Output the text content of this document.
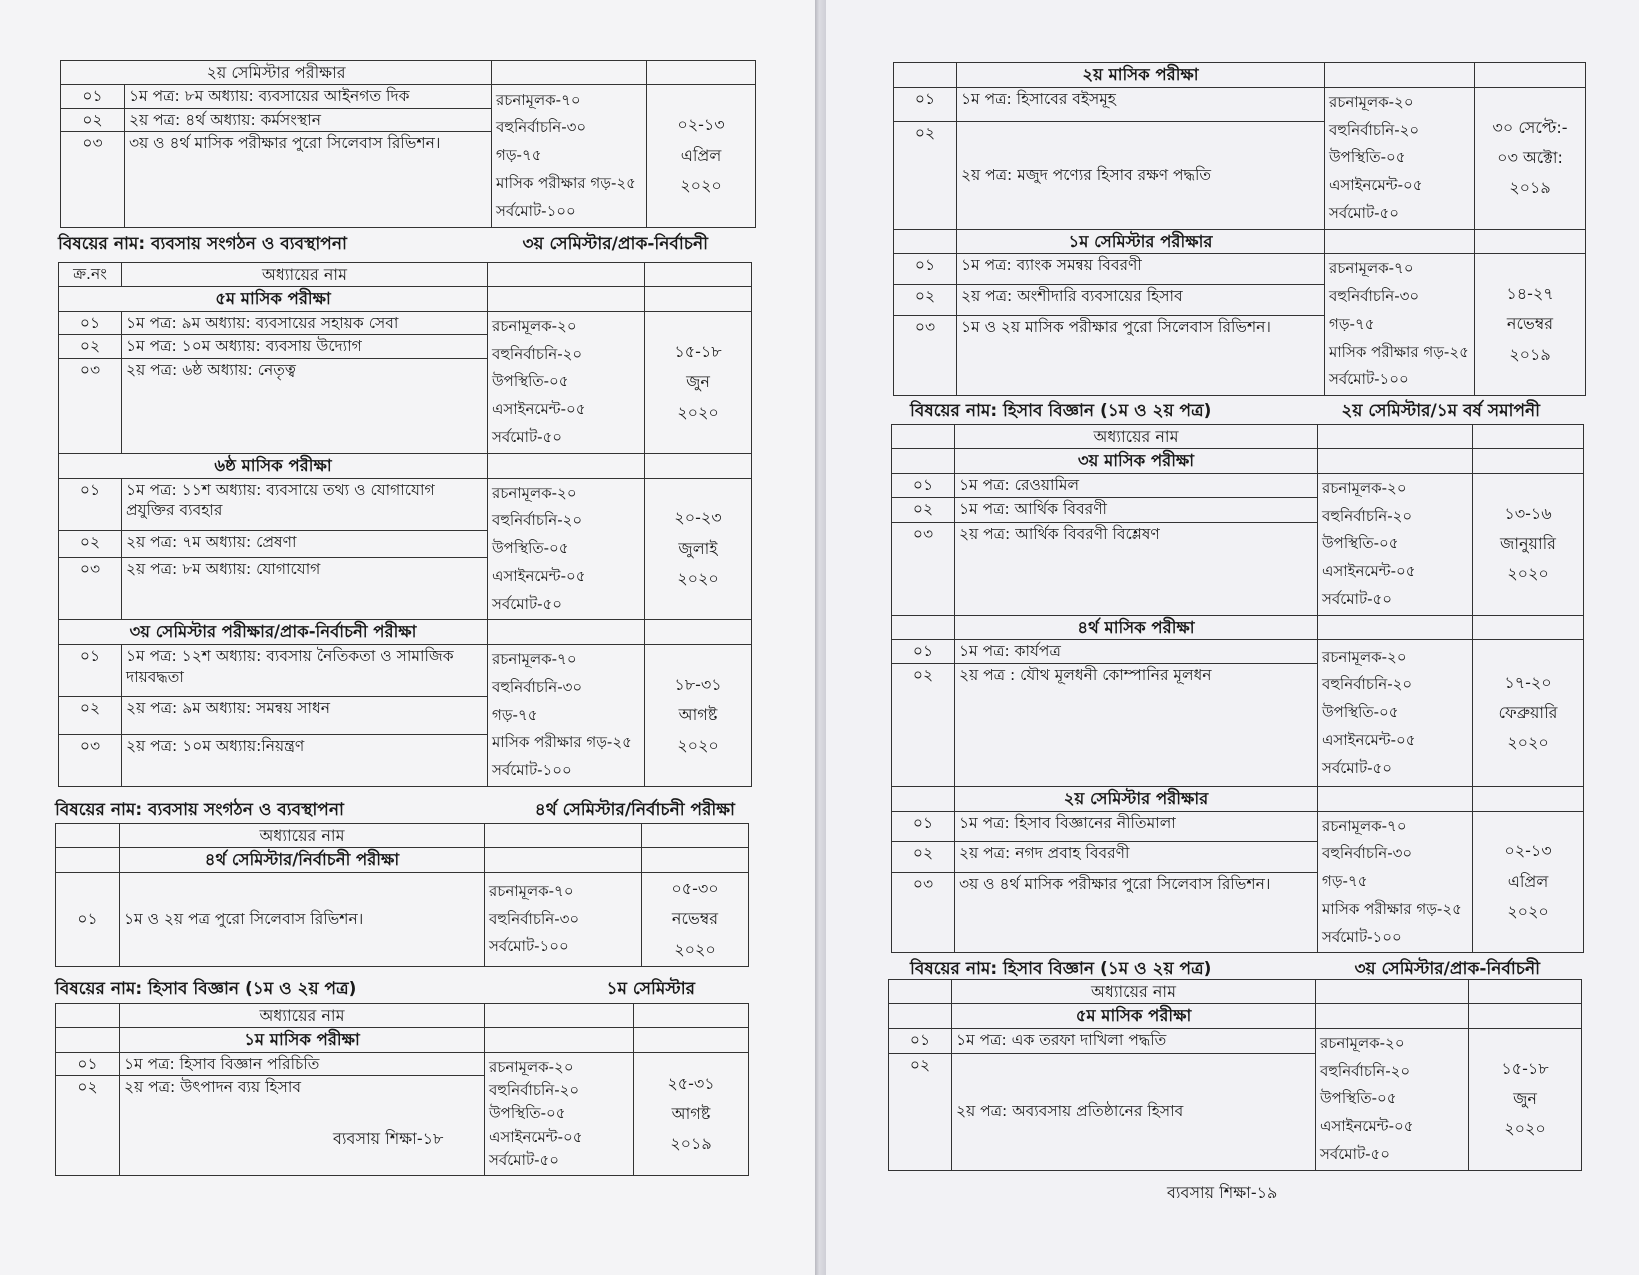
২য় সেমিস্টার পরীক্ষার			
০১	১ম পত্র: ৮ম অধ্যায়: ব্যবসায়ের আইনগত দিক	রচনামূলক-৭০
বহুনির্বাচনি-৩০
গড়-৭৫
মাসিক পরীক্ষার গড়-২৫
সর্বমোট-১০০	০২-১৩
এপ্রিল
২০২০
০২	২য় পত্র: ৪র্থ অধ্যায়: কর্মসংস্থান		
০৩	৩য় ও ৪র্থ মাসিক পরীক্ষার পুরো সিলেবাস রিভিশন।		
বিষয়ের নাম: ব্যবসায় সংগঠন ও ব্যবস্থাপনা	৩য় সেমিস্টার/প্রাক-নির্বাচনী
ক্র.নং	অধ্যায়ের নাম		
৫ম মাসিক পরীক্ষা			
০১	১ম পত্র: ৯ম অধ্যায়: ব্যবসায়ের সহায়ক সেবা	রচনামূলক-২০
বহুনির্বাচনি-২০
উপস্থিতি-০৫
এসাইনমেন্ট-০৫
সর্বমোট-৫০	১৫-১৮
জুন
২০২০
০২	১ম পত্র: ১০ম অধ্যায়: ব্যবসায় উদ্যোগ		
০৩	২য় পত্র: ৬ষ্ঠ অধ্যায়: নেতৃত্ব		
৬ষ্ঠ মাসিক পরীক্ষা			
০১	১ম পত্র: ১১শ অধ্যায়: ব্যবসায়ে তথ্য ও যোগাযোগ প্রযুক্তির ব্যবহার	রচনামূলক-২০
বহুনির্বাচনি-২০
উপস্থিতি-০৫
এসাইনমেন্ট-০৫
সর্বমোট-৫০	২০-২৩
জুলাই
২০২০
০২	২য় পত্র: ৭ম অধ্যায়: প্রেষণা		
০৩	২য় পত্র: ৮ম অধ্যায়: যোগাযোগ		
৩য় সেমিস্টার পরীক্ষার/প্রাক-নির্বাচনী পরীক্ষা			
০১	১ম পত্র: ১২শ অধ্যায়: ব্যবসায় নৈতিকতা ও সামাজিক দায়বদ্ধতা	রচনামূলক-৭০
বহুনির্বাচনি-৩০
গড়-৭৫
মাসিক পরীক্ষার গড়-২৫
সর্বমোট-১০০	১৮-৩১
আগষ্ট
২০২০
০২	২য় পত্র: ৯ম অধ্যায়: সমন্বয় সাধন		
০৩	২য় পত্র: ১০ম অধ্যায়:নিয়ন্ত্রণ		
বিষয়ের নাম: ব্যবসায় সংগঠন ও ব্যবস্থাপনা	৪র্থ সেমিস্টার/নির্বাচনী পরীক্ষা
	অধ্যায়ের নাম		
	৪র্থ সেমিস্টার/নির্বাচনী পরীক্ষা		
০১	১ম ও ২য় পত্র পুরো সিলেবাস রিভিশন।	রচনামূলক-৭০
বহুনির্বাচনি-৩০
সর্বমোট-১০০	০৫-৩০
নভেম্বর
২০২০
বিষয়ের নাম: হিসাব বিজ্ঞান (১ম ও ২য় পত্র)	১ম সেমিস্টার
	অধ্যায়ের নাম		
	১ম মাসিক পরীক্ষা		
০১	১ম পত্র: হিসাব বিজ্ঞান পরিচিতি	রচনামূলক-২০
বহুনির্বাচনি-২০
উপস্থিতি-০৫
এসাইনমেন্ট-০৫
সর্বমোট-৫০	২৫-৩১
আগষ্ট
২০১৯
০২	২য় পত্র: উৎপাদন ব্যয় হিসাব		
ব্যবসায় শিক্ষা-১৮
	২য় মাসিক পরীক্ষা		
০১	১ম পত্র: হিসাবের বইসমূহ	রচনামূলক-২০
বহুনির্বাচনি-২০
উপস্থিতি-০৫
এসাইনমেন্ট-০৫
সর্বমোট-৫০	৩০ সেপ্টে:-
০৩ অক্টো:
২০১৯
০২	২য় পত্র: মজুদ পণ্যের হিসাব রক্ষণ পদ্ধতি		
	১ম সেমিস্টার পরীক্ষার		
০১	১ম পত্র: ব্যাংক সমন্বয় বিবরণী	রচনামূলক-৭০
বহুনির্বাচনি-৩০
গড়-৭৫
মাসিক পরীক্ষার গড়-২৫
সর্বমোট-১০০	১৪-২৭
নভেম্বর
২০১৯
০২	২য় পত্র: অংশীদারি ব্যবসায়ের হিসাব		
০৩	১ম ও ২য় মাসিক পরীক্ষার পুরো সিলেবাস রিভিশন।		
বিষয়ের নাম: হিসাব বিজ্ঞান (১ম ও ২য় পত্র)	২য় সেমিস্টার/১ম বর্ষ সমাপনী
	অধ্যায়ের নাম		
	৩য় মাসিক পরীক্ষা		
০১	১ম পত্র: রেওয়ামিল	রচনামূলক-২০
বহুনির্বাচনি-২০
উপস্থিতি-০৫
এসাইনমেন্ট-০৫
সর্বমোট-৫০	১৩-১৬
জানুয়ারি
২০২০
০২	১ম পত্র: আর্থিক বিবরণী		
০৩	২য় পত্র: আর্থিক বিবরণী বিশ্লেষণ		
	৪র্থ মাসিক পরীক্ষা		
০১	১ম পত্র: কার্যপত্র	রচনামূলক-২০
বহুনির্বাচনি-২০
উপস্থিতি-০৫
এসাইনমেন্ট-০৫
সর্বমোট-৫০	১৭-২০
ফেব্রুয়ারি
২০২০
০২	২য় পত্র : যৌথ মূলধনী কোম্পানির মূলধন		
	২য় সেমিস্টার পরীক্ষার		
০১	১ম পত্র: হিসাব বিজ্ঞানের নীতিমালা	রচনামূলক-৭০
বহুনির্বাচনি-৩০
গড়-৭৫
মাসিক পরীক্ষার গড়-২৫
সর্বমোট-১০০	০২-১৩
এপ্রিল
২০২০
০২	২য় পত্র: নগদ প্রবাহ বিবরণী		
০৩	৩য় ও ৪র্থ মাসিক পরীক্ষার পুরো সিলেবাস রিভিশন।		
বিষয়ের নাম: হিসাব বিজ্ঞান (১ম ও ২য় পত্র)	৩য় সেমিস্টার/প্রাক-নির্বাচনী
	অধ্যায়ের নাম		
	৫ম মাসিক পরীক্ষা		
০১	১ম পত্র: এক তরফা দাখিলা পদ্ধতি	রচনামূলক-২০
বহুনির্বাচনি-২০
উপস্থিতি-০৫
এসাইনমেন্ট-০৫
সর্বমোট-৫০	১৫-১৮
জুন
২০২০
০২	২য় পত্র: অব্যবসায় প্রতিষ্ঠানের হিসাব		
ব্যবসায় শিক্ষা-১৯
